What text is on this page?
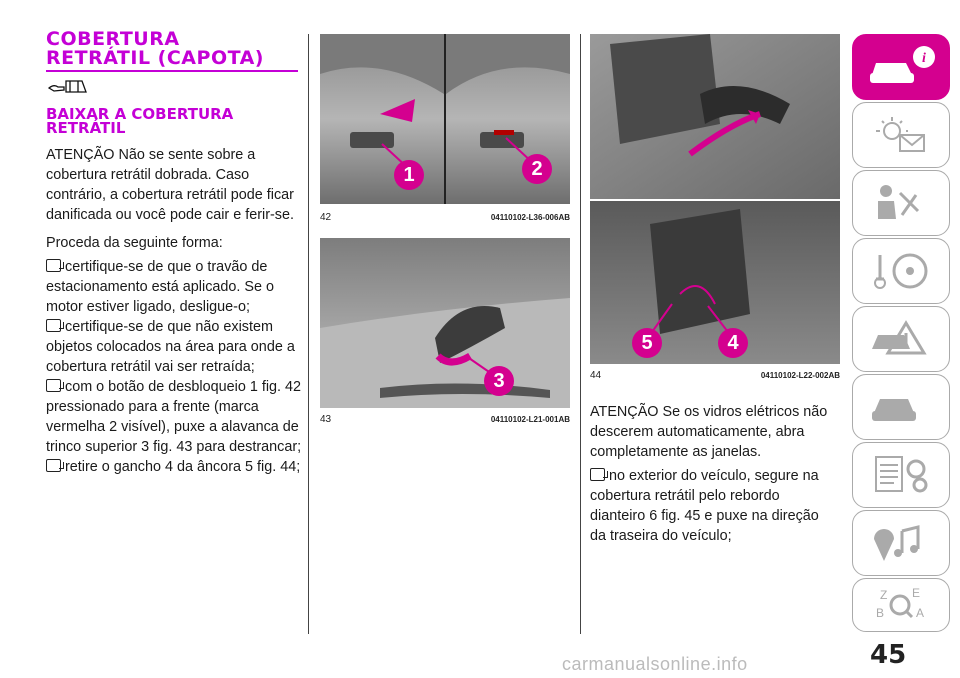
COBERTURA
RETRÁTIL (CAPOTA)
BAIXAR A COBERTURA
RETRÁTIL
ATENÇÃO Não se sente sobre a cobertura retrátil dobrada. Caso contrário, a cobertura retrátil pode ficar danificada ou você pode cair e ferir-se.
Proceda da seguinte forma:
certifique-se de que o travão de estacionamento está aplicado. Se o motor estiver ligado, desligue-o;
certifique-se de que não existem objetos colocados na área para onde a cobertura retrátil vai ser retraída;
com o botão de desbloqueio 1 fig. 42 pressionado para a frente (marca vermelha 2 visível), puxe a alavanca de trinco superior 3 fig. 43 para destrancar;
retire o gancho 4 da âncora 5 fig. 44;
1	2
42	04110102-L36-006AB
3
43	04110102-L21-001AB
5	4
44	04110102-L22-002AB
ATENÇÃO Se os vidros elétricos não descerem automaticamente, abra completamente as janelas.
no exterior do veículo, segure na cobertura retrátil pelo rebordo dianteiro 6 fig. 45 e puxe na direção da traseira do veículo;
i
Z E
B	A
45
carmanualsonline.info
